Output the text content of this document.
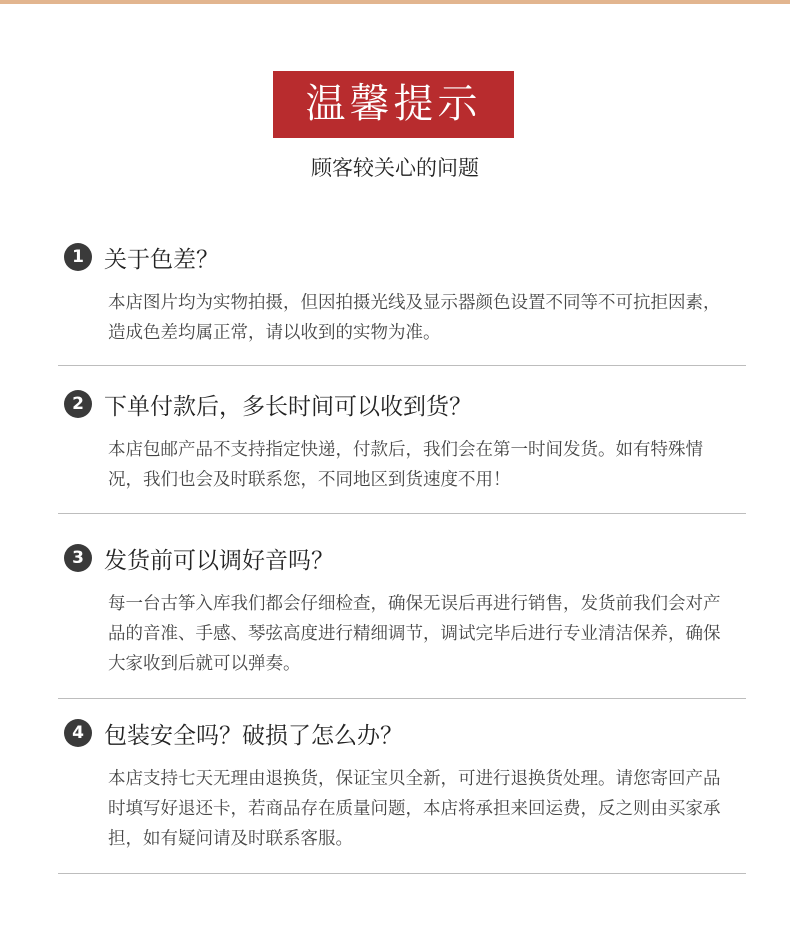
温馨提示
顾客较关心的问题
1 关于色差？
本店图片均为实物拍摄，但因拍摄光线及显示器颜色设置不同等不可抗拒因素，造成色差均属正常，请以收到的实物为准。
2 下单付款后，多长时间可以收到货？
本店包邮产品不支持指定快递，付款后，我们会在第一时间发货。如有特殊情况，我们也会及时联系您，不同地区到货速度不用！
3 发货前可以调好音吗？
每一台古筝入库我们都会仔细检查，确保无误后再进行销售，发货前我们会对产品的音准、手感、琴弦高度进行精细调节，调试完毕后进行专业清洁保养，确保大家收到后就可以弹奏。
4 包装安全吗？破损了怎么办？
本店支持七天无理由退换货，保证宝贝全新，可进行退换货处理。请您寄回产品时填写好退还卡，若商品存在质量问题，本店将承担来回运费，反之则由买家承担，如有疑问请及时联系客服。
